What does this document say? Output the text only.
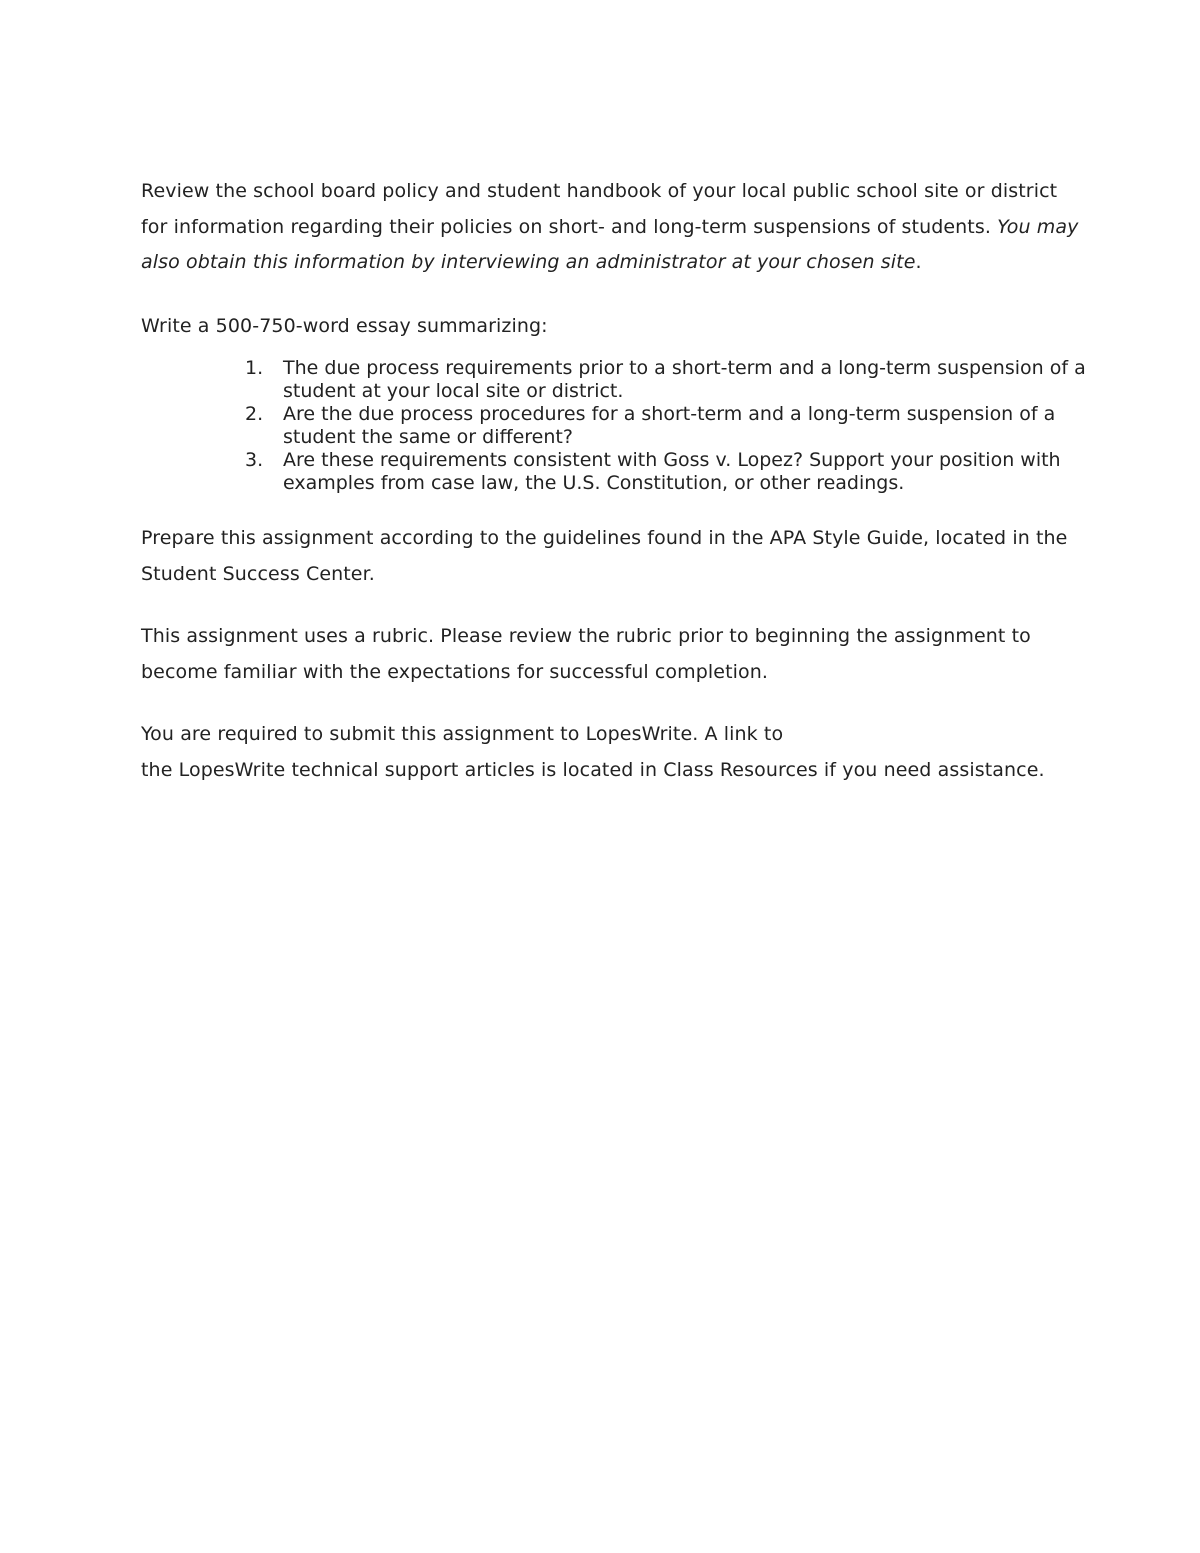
Review the school board policy and student handbook of your local public school site or district for information regarding their policies on short- and long-term suspensions of students. You may also obtain this information by interviewing an administrator at your chosen site.

Write a 500-750-word essay summarizing:

1.	The due process requirements prior to a short-term and a long-term suspension of a student at your local site or district.
2.	Are the due process procedures for a short-term and a long-term suspension of a student the same or different?
3.	Are these requirements consistent with Goss v. Lopez? Support your position with examples from case law, the U.S. Constitution, or other readings.

Prepare this assignment according to the guidelines found in the APA Style Guide, located in the Student Success Center.

This assignment uses a rubric. Please review the rubric prior to beginning the assignment to become familiar with the expectations for successful completion.

You are required to submit this assignment to LopesWrite. A link to
the LopesWrite technical support articles is located in Class Resources if you need assistance.
